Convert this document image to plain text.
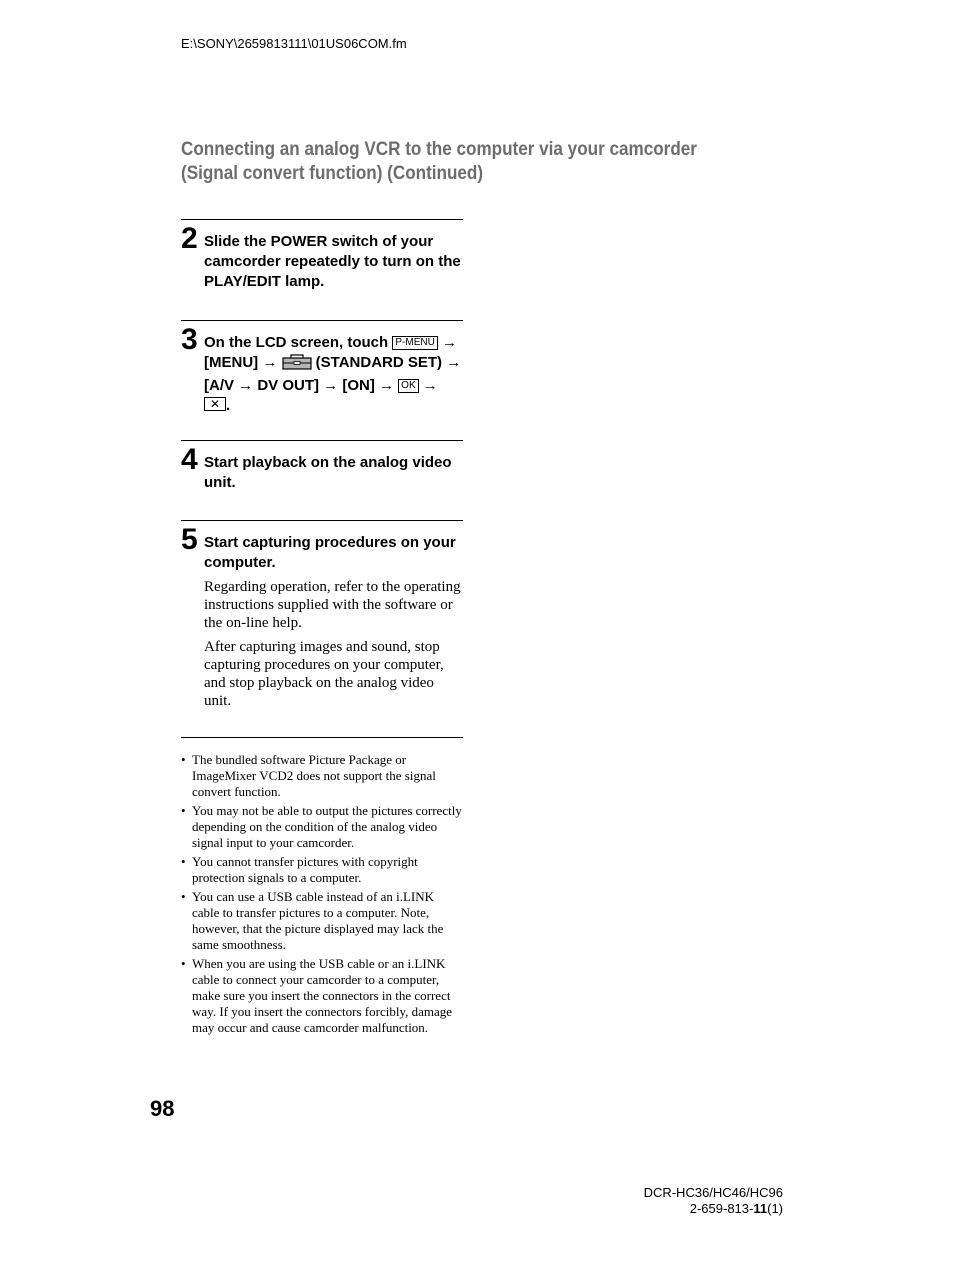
E:\SONY\2659813111\01US06COM.fm
Connecting an analog VCR to the computer via your camcorder (Signal convert function) (Continued)
2 Slide the POWER switch of your camcorder repeatedly to turn on the PLAY/EDIT lamp.
3 On the LCD screen, touch P-MENU → [MENU] →	(STANDARD SET) → [A/V → DV OUT] → [ON] → OK → ✕ .
4 Start playback on the analog video unit.
5 Start capturing procedures on your computer.

Regarding operation, refer to the operating instructions supplied with the software or the on-line help.

After capturing images and sound, stop capturing procedures on your computer, and stop playback on the analog video unit.

• The bundled software Picture Package or ImageMixer VCD2 does not support the signal convert function.
• You may not be able to output the pictures correctly depending on the condition of the analog video signal input to your camcorder.
• You cannot transfer pictures with copyright protection signals to a computer.
• You can use a USB cable instead of an i.LINK cable to transfer pictures to a computer. Note, however, that the picture displayed may lack the same smoothness.
• When you are using the USB cable or an i.LINK cable to connect your camcorder to a computer, make sure you insert the connectors in the correct way. If you insert the connectors forcibly, damage may occur and cause camcorder malfunction.
98
DCR-HC36/HC46/HC96
2-659-813-11(1)
